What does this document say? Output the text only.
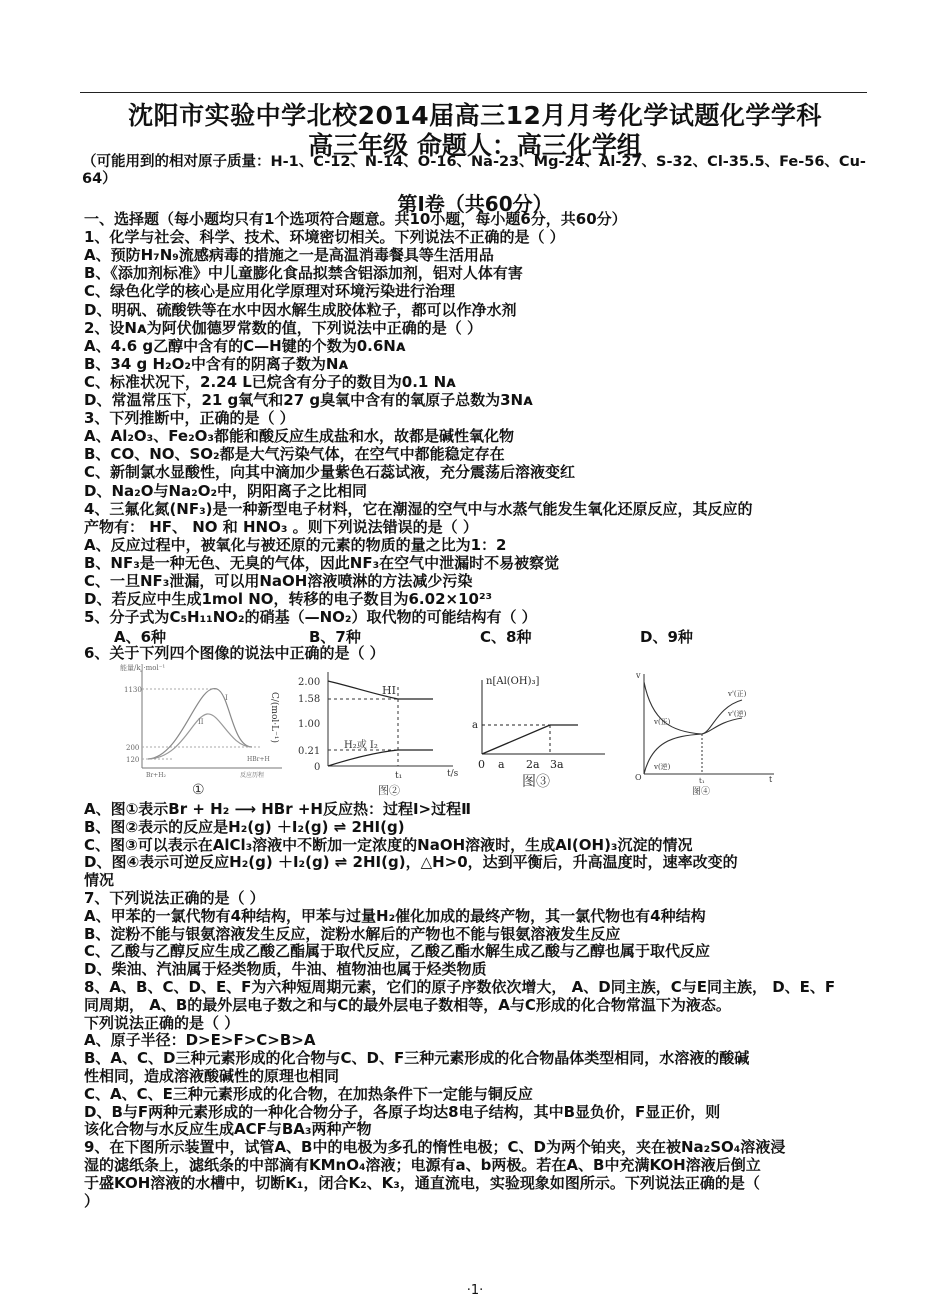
沈阳市实验中学北校2014届高三12月月考化学试题化学学科
高三年级 命题人：高三化学组
（可能用到的相对原子质量：H-1、C-12、N-14、O-16、Na-23、Mg-24、Al-27、S-32、Cl-35.5、Fe-56、Cu-64）
第Ⅰ卷（共60分）
一、选择题（每小题均只有1个选项符合题意。共10小题，每小题6分，共60分）
1、化学与社会、科学、技术、环境密切相关。下列说法不正确的是（ ）
A、预防H₇N₉流感病毒的措施之一是高温消毒餐具等生活用品
B、《添加剂标准》中儿童膨化食品拟禁含铝添加剂，铝对人体有害
C、绿色化学的核心是应用化学原理对环境污染进行治理
D、明矾、硫酸铁等在水中因水解生成胶体粒子，都可以作净水剂
2、设Nᴀ为阿伏伽德罗常数的值，下列说法中正确的是（ ）
A、4.6 g乙醇中含有的C—H键的个数为0.6Nᴀ
B、34 g H₂O₂中含有的阴离子数为Nᴀ
C、标准状况下，2.24 L已烷含有分子的数目为0.1 Nᴀ
D、常温常压下，21 g氧气和27 g臭氧中含有的氧原子总数为3Nᴀ
3、下列推断中，正确的是（ ）
A、Al₂O₃、Fe₂O₃都能和酸反应生成盐和水，故都是碱性氧化物
B、CO、NO、SO₂都是大气污染气体，在空气中都能稳定存在
C、新制氯水显酸性，向其中滴加少量紫色石蕊试液，充分震荡后溶液变红
D、Na₂O与Na₂O₂中，阴阳离子之比相同
4、三氟化氮(NF₃)是一种新型电子材料，它在潮湿的空气中与水蒸气能发生氧化还原反应，其反应的
产物有： HF、 NO 和 HNO₃ 。则下列说法错误的是（ ）
A、反应过程中，被氧化与被还原的元素的物质的量之比为1：2
B、NF₃是一种无色、无臭的气体，因此NF₃在空气中泄漏时不易被察觉
C、一旦NF₃泄漏，可以用NaOH溶液喷淋的方法减少污染
D、若反应中生成1mol NO，转移的电子数目为6.02×10²³
5、分子式为C₅H₁₁NO₂的硝基（—NO₂）取代物的可能结构有（ ）
A、6种	B、7种	C、8种	D、9种
6、关于下列四个图像的说法中正确的是（ ）
能量/kJ·mol⁻¹
1130
200
120
I
II
Br+H₂
HBr+H
反应历程
①
C/(mol·L⁻¹)
2.00
1.58
1.00
0.21
0
HI
H₂或 I₂
t₁	t/s
图②
n[Al(OH)₃]
a
0 a 2a 3a
图③
v
O
v'(正)
v'(逆)
v(正)
v(逆)
t₁	t
图④
A、图①表示Br + H₂ ⟶ HBr +H反应热：过程Ⅰ>过程Ⅱ
B、图②表示的反应是H₂(g) ＋I₂(g) ⇌ 2HI(g)
C、图③可以表示在AlCl₃溶液中不断加一定浓度的NaOH溶液时，生成Al(OH)₃沉淀的情况
D、图④表示可逆反应H₂(g) ＋I₂(g) ⇌ 2HI(g)，△H>0，达到平衡后，升高温度时，速率改变的
情况
7、下列说法正确的是（ ）
A、甲苯的一氯代物有4种结构，甲苯与过量H₂催化加成的最终产物，其一氯代物也有4种结构
B、淀粉不能与银氨溶液发生反应，淀粉水解后的产物也不能与银氨溶液发生反应
C、乙酸与乙醇反应生成乙酸乙酯属于取代反应，乙酸乙酯水解生成乙酸与乙醇也属于取代反应
D、柴油、汽油属于烃类物质，牛油、植物油也属于烃类物质
8、A、B、C、D、E、F为六种短周期元素，它们的原子序数依次增大， A、D同主族，C与E同主族， D、E、F
同周期， A、B的最外层电子数之和与C的最外层电子数相等，A与C形成的化合物常温下为液态。
下列说法正确的是（ ）
A、原子半径：D>E>F>C>B>A
B、A、C、D三种元素形成的化合物与C、D、F三种元素形成的化合物晶体类型相同，水溶液的酸碱
性相同，造成溶液酸碱性的原理也相同
C、A、C、E三种元素形成的化合物，在加热条件下一定能与铜反应
D、B与F两种元素形成的一种化合物分子，各原子均达8电子结构，其中B显负价，F显正价，则
该化合物与水反应生成ACF与BA₃两种产物
9、在下图所示装置中，试管A、B中的电极为多孔的惰性电极；C、D为两个铂夹，夹在被Na₂SO₄溶液浸
湿的滤纸条上，滤纸条的中部滴有KMnO₄溶液；电源有a、b两极。若在A、B中充满KOH溶液后倒立
于盛KOH溶液的水槽中，切断K₁，闭合K₂、K₃，通直流电，实验现象如图所示。下列说法正确的是（
）
·1·
